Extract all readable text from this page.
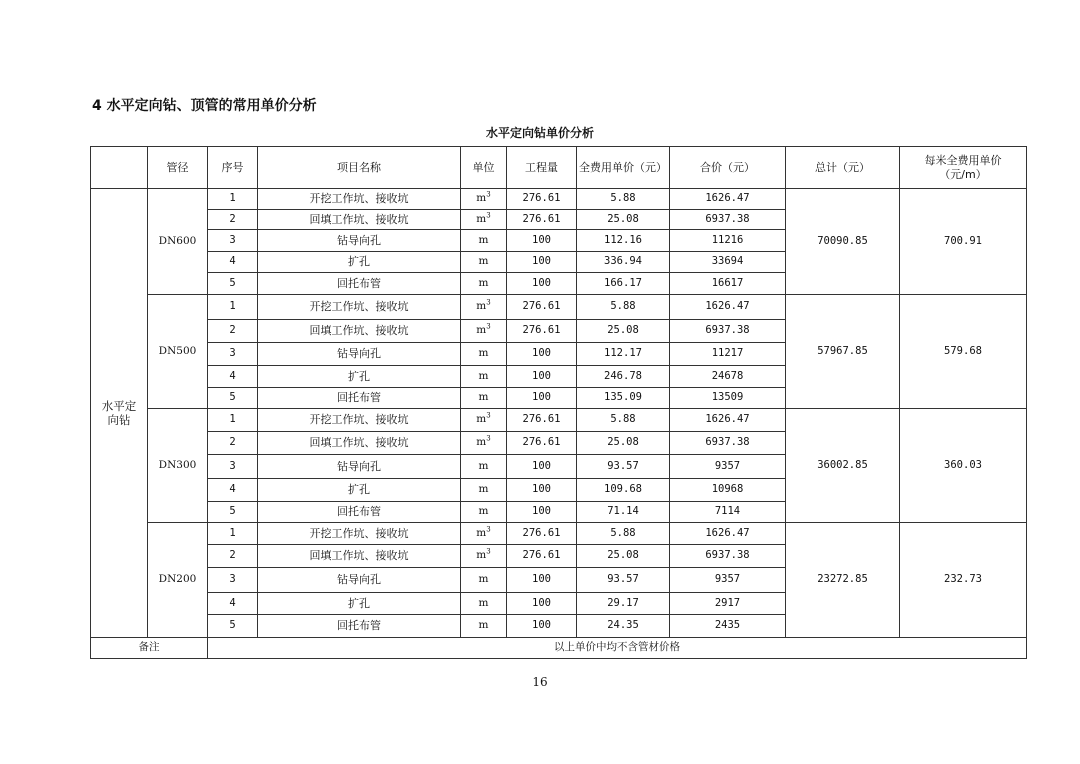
4 水平定向钻、顶管的常用单价分析
水平定向钻单价分析
	管径	序号	项目名称	单位	工程量	全费用单价（元）	合价（元）	总计（元）	每米全费用单价（元/m）
水平定向钻	DN600	1	开挖工作坑、接收坑	$m^3$	276.61	5.88	1626.47	70090.85	700.91
		2	回填工作坑、接收坑	$m^3$	276.61	25.08	6937.38		
		3	钻导向孔	m	100	112.16	11216		
		4	扩孔	m	100	336.94	33694		
		5	回托布管	m	100	166.17	16617		
	DN500	1	开挖工作坑、接收坑	$m^3$	276.61	5.88	1626.47	57967.85	579.68
		2	回填工作坑、接收坑	$m^3$	276.61	25.08	6937.38		
		3	钻导向孔	m	100	112.17	11217		
		4	扩孔	m	100	246.78	24678		
		5	回托布管	m	100	135.09	13509		
	DN300	1	开挖工作坑、接收坑	$m^3$	276.61	5.88	1626.47	36002.85	360.03
		2	回填工作坑、接收坑	$m^3$	276.61	25.08	6937.38		
		3	钻导向孔	m	100	93.57	9357		
		4	扩孔	m	100	109.68	10968		
		5	回托布管	m	100	71.14	7114		
	DN200	1	开挖工作坑、接收坑	$m^3$	276.61	5.88	1626.47	23272.85	232.73
		2	回填工作坑、接收坑	$m^3$	276.61	25.08	6937.38		
		3	钻导向孔	m	100	93.57	9357		
		4	扩孔	m	100	29.17	2917		
		5	回托布管	m	100	24.35	2435		
备注		以上单价中均不含管材价格							
16
